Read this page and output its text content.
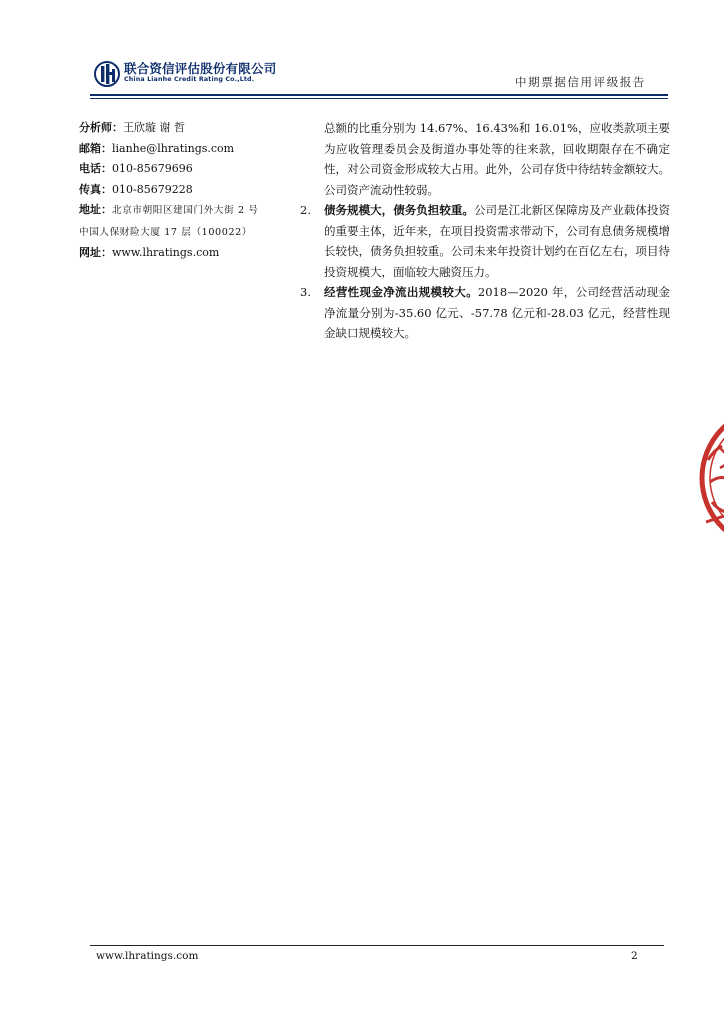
联合资信评估股份有限公司
China Lianhe Credit Rating Co.,Ltd.	中期票据信用评级报告
分析师：王欣璇 谢 哲
邮箱：lianhe@lhratings.com
电话：010-85679696
传真：010-85679228
地址：北京市朝阳区建国门外大街 2 号
中国人保财险大厦 17 层（100022）
网址：www.lhratings.com

总额的比重分别为 14.67%、16.43%和 16.01%，应收类款项主要为应收管理委员会及街道办事处等的往来款，回收期限存在不确定性，对公司资金形成较大占用。此外，公司存货中待结转金额较大。公司资产流动性较弱。

2. 债务规模大，债务负担较重。公司是江北新区保障房及产业载体投资的重要主体，近年来，在项目投资需求带动下，公司有息债务规模增长较快，债务负担较重。公司未来年投资计划约在百亿左右，项目待投资规模大，面临较大融资压力。
3. 经营性现金净流出规模较大。2018—2020 年，公司经营活动现金净流量分别为-35.60 亿元、-57.78 亿元和-28.03 亿元，经营性现金缺口规模较大。
www.lhratings.com	2
